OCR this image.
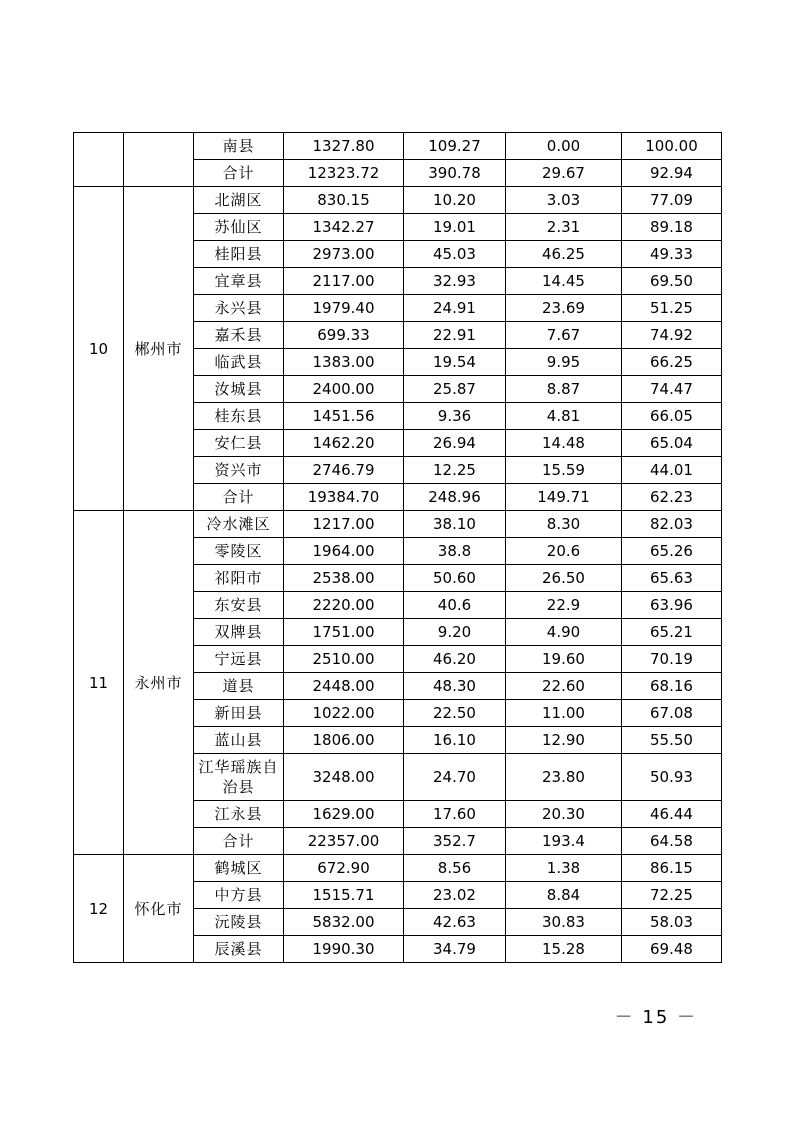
		南县	1327.80	109.27	0.00	100.00
		合计	12323.72	390.78	29.67	92.94
10	郴州市	北湖区	830.15	10.20	3.03	77.09
		苏仙区	1342.27	19.01	2.31	89.18
		桂阳县	2973.00	45.03	46.25	49.33
		宜章县	2117.00	32.93	14.45	69.50
		永兴县	1979.40	24.91	23.69	51.25
		嘉禾县	699.33	22.91	7.67	74.92
		临武县	1383.00	19.54	9.95	66.25
		汝城县	2400.00	25.87	8.87	74.47
		桂东县	1451.56	9.36	4.81	66.05
		安仁县	1462.20	26.94	14.48	65.04
		资兴市	2746.79	12.25	15.59	44.01
		合计	19384.70	248.96	149.71	62.23
11	永州市	冷水滩区	1217.00	38.10	8.30	82.03
		零陵区	1964.00	38.8	20.6	65.26
		祁阳市	2538.00	50.60	26.50	65.63
		东安县	2220.00	40.6	22.9	63.96
		双牌县	1751.00	9.20	4.90	65.21
		宁远县	2510.00	46.20	19.60	70.19
		道县	2448.00	48.30	22.60	68.16
		新田县	1022.00	22.50	11.00	67.08
		蓝山县	1806.00	16.10	12.90	55.50
		江华瑶族自治县	3248.00	24.70	23.80	50.93
		江永县	1629.00	17.60	20.30	46.44
		合计	22357.00	352.7	193.4	64.58
12	怀化市	鹤城区	672.90	8.56	1.38	86.15
		中方县	1515.71	23.02	8.84	72.25
		沅陵县	5832.00	42.63	30.83	58.03
		辰溪县	1990.30	34.79	15.28	69.48
－ 15 －
